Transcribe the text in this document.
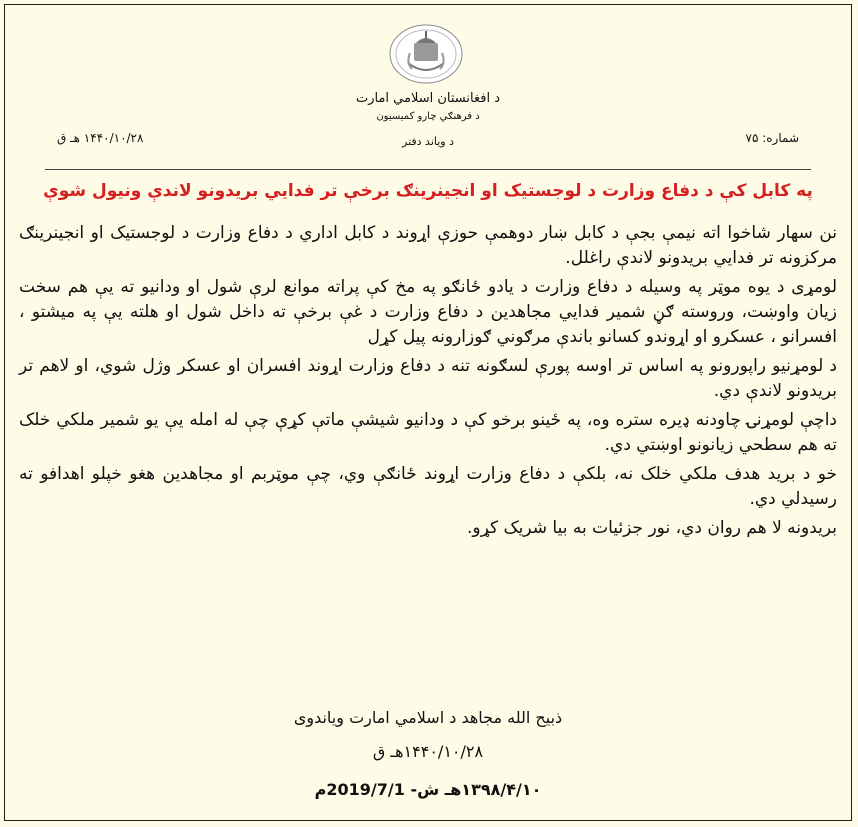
د افغانستان اسلامي امارت
د فرهنګي چارو کميسيون
شماره: ۷۵
د وياند دفتر
۱۴۴۰/۱۰/۲۸ هـ ق
په کابل کې د دفاع وزارت د لوجستيک او انجينرينګ برخې تر فدايي بريدونو لاندې ونيول شوې

نن سهار شاخوا اته نيمې بجې د کابل ښار دوهمې حوزې اړوند د کابل اداري د دفاع وزارت د لوجستيک او انجينرينګ مرکزونه تر فدايي بريدونو لاندې راغلل.

لومړی د يوه موټر په وسيله د دفاع وزارت د يادو ځانګو په مخ کې پراته موانع لرې شول او ودانيو ته يې هم سخت زيان واوښت، وروسته ګڼ شمير فدايي مجاهدين د دفاع وزارت د غې برخې ته داخل شول او هلته يې په ميشتو ، افسرانو ، عسکرو او اړوندو کسانو باندې مرګوني ګوزارونه پيل کړل

د لومړنيو راپورونو په اساس تر اوسه پورې لسګونه تنه د دفاع وزارت اړوند افسران او عسکر وژل شوي، او لاهم تر بريدونو لاندې دي.

داچې لومړنۍ چاودنه ډيره ستره وه، په ځينو برخو کې د ودانيو شيشې ماتې کړې چې له امله يې يو شمير ملکي خلک ته هم سطحي زيانونو اوښتي دي.

خو د بريد هدف ملکي خلک نه، بلکې د دفاع وزارت اړوند ځانګې وي، چې موټربم او مجاهدين هغو خپلو اهدافو ته رسيدلي دي.

بريدونه لا هم روان دي، نور جزئيات به بيا شريک کړو.

ذبيح الله مجاهد د اسلامي امارت وياندوى
۱۴۴۰/۱۰/۲۸هـ ق
۱۳۹۸/۴/۱۰هـ ش- 2019/7/1م
